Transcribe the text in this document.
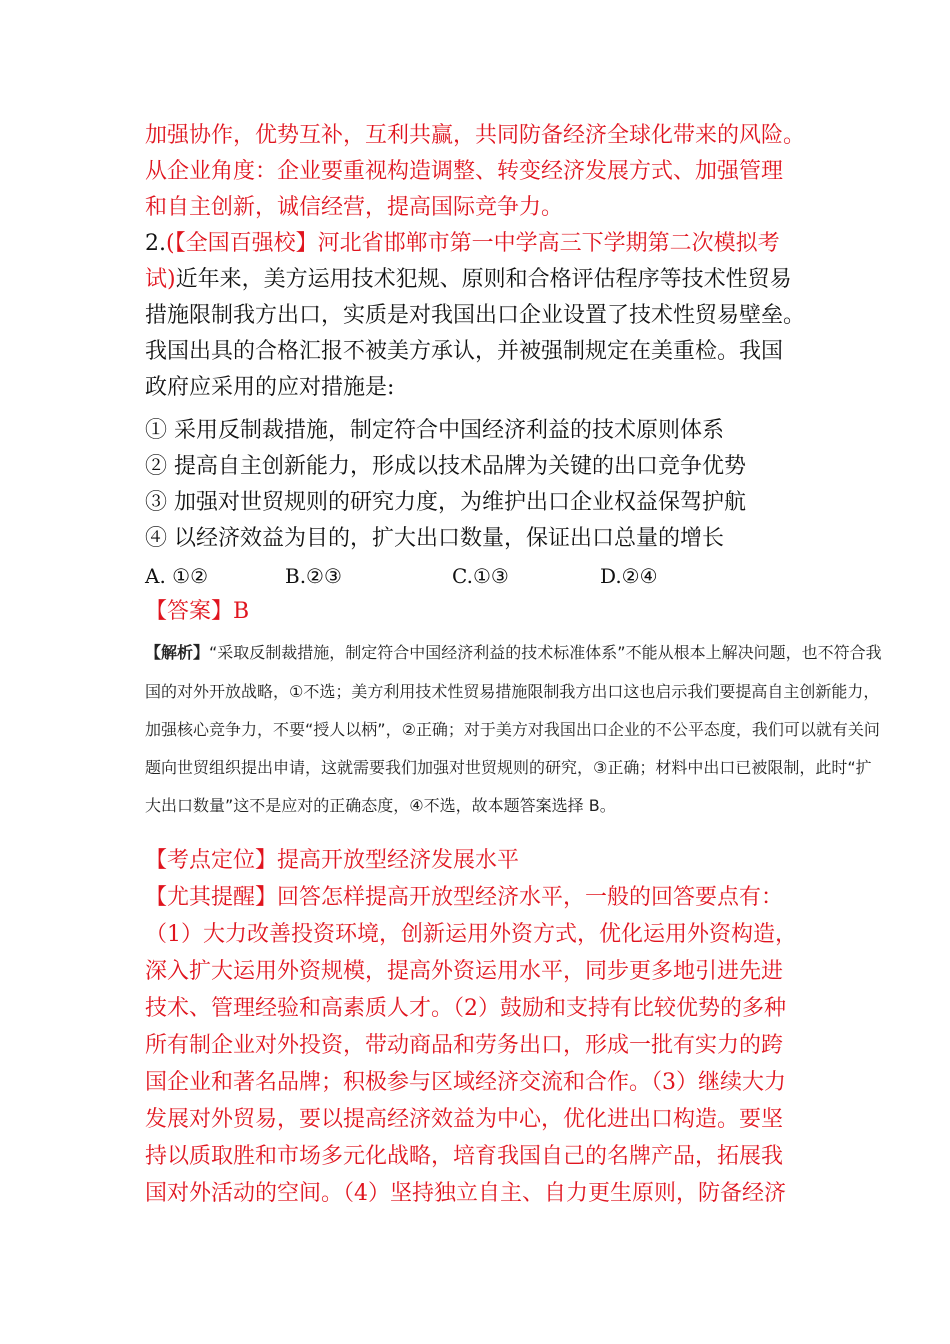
加强协作，优势互补，互利共赢，共同防备经济全球化带来的风险。
从企业角度：企业要重视构造调整、转变经济发展方式、加强管理
和自主创新，诚信经营，提高国际竞争力。
2.(【全国百强校】河北省邯郸市第一中学高三下学期第二次模拟考
试)近年来，美方运用技术犯规、原则和合格评估程序等技术性贸易
措施限制我方出口，实质是对我国出口企业设置了技术性贸易壁垒。
我国出具的合格汇报不被美方承认，并被强制规定在美重检。我国
政府应采用的应对措施是:
① 采用反制裁措施，制定符合中国经济利益的技术原则体系
② 提高自主创新能力，形成以技术品牌为关键的出口竞争优势
③ 加强对世贸规则的研究力度，为维护出口企业权益保驾护航
④ 以经济效益为目的，扩大出口数量，保证出口总量的增长
A. ①②	B.②③	C.①③	D.②④
【答案】B
【解析】“采取反制裁措施，制定符合中国经济利益的技术标准体系”不能从根本上解决问题，也不符合我
国的对外开放战略，①不选；美方利用技术性贸易措施限制我方出口这也启示我们要提高自主创新能力，
加强核心竞争力，不要“授人以柄”，②正确；对于美方对我国出口企业的不公平态度，我们可以就有关问
题向世贸组织提出申请，这就需要我们加强对世贸规则的研究，③正确；材料中出口已被限制，此时“扩
大出口数量”这不是应对的正确态度，④不选，故本题答案选择 B。
【考点定位】提高开放型经济发展水平
【尤其提醒】回答怎样提高开放型经济水平，一般的回答要点有：
（1）大力改善投资环境，创新运用外资方式，优化运用外资构造，
深入扩大运用外资规模，提高外资运用水平，同步更多地引进先进
技术、管理经验和高素质人才。（2）鼓励和支持有比较优势的多种
所有制企业对外投资，带动商品和劳务出口，形成一批有实力的跨
国企业和著名品牌；积极参与区域经济交流和合作。（3）继续大力
发展对外贸易，要以提高经济效益为中心，优化进出口构造。要坚
持以质取胜和市场多元化战略，培育我国自己的名牌产品，拓展我
国对外活动的空间。（4）坚持独立自主、自力更生原则，防备经济
